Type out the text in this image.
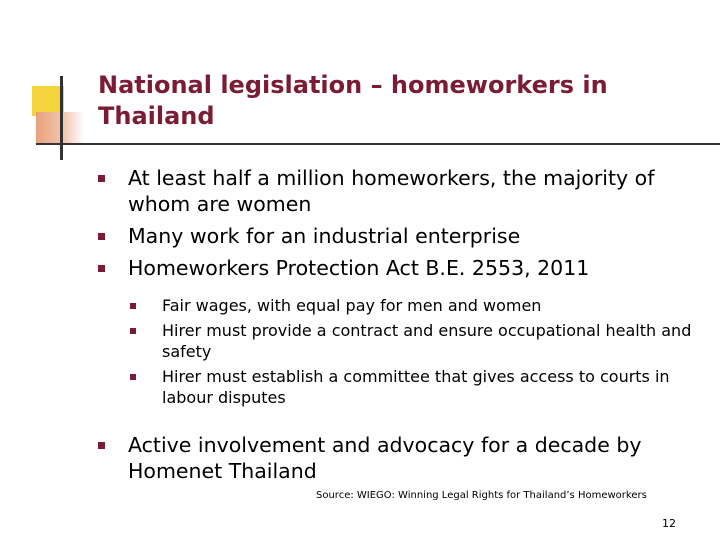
National legislation – homeworkers in Thailand
At least half a million homeworkers, the majority of whom are women
Many work for an industrial enterprise
Homeworkers Protection Act B.E. 2553, 2011
Fair wages, with equal pay for men and women
Hirer must provide a contract and ensure occupational health and safety
Hirer must establish a committee that gives access to courts in labour disputes
Active involvement and advocacy for a decade by Homenet Thailand
Source: WIEGO: Winning Legal Rights for Thailand’s Homeworkers
12
